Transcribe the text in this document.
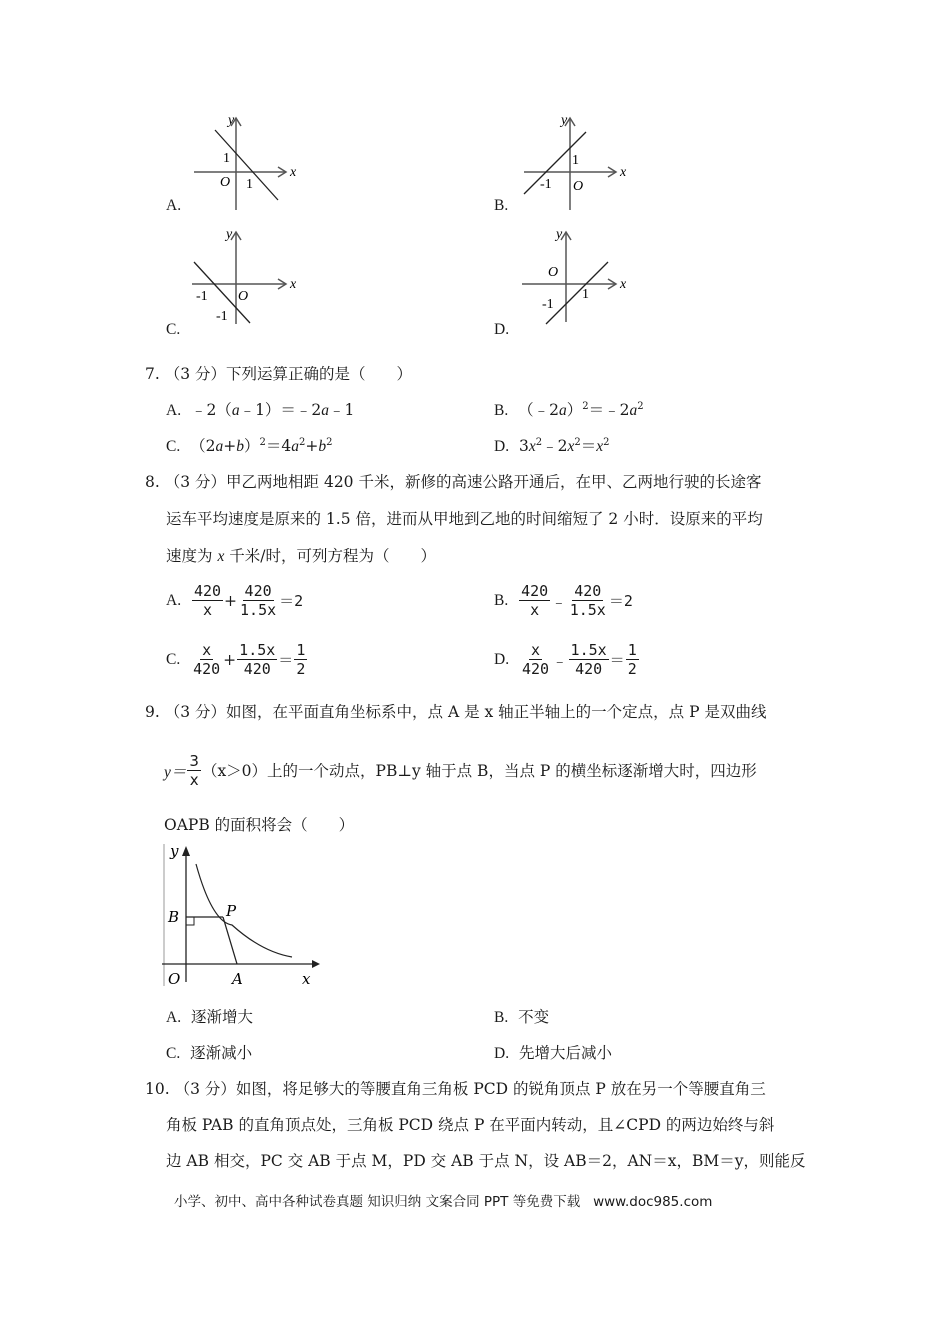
A.
y
x
1
O 1
B.
y
x
1
-1 O
C.
y
x
-1 O
-1
D.
y
x
O
-1
1
7. （3 分）下列运算正确的是（　　）
A. ﹣2（a﹣1）＝﹣2a﹣1	B. $(﹣2a)^2=﹣2a^2$
C. $(2a+b)^2=4a^2+b^2$	D. $3x^2﹣2x^2=x^2$
8. （3 分）甲乙两地相距 420 千米，新修的高速公路开通后，在甲、乙两地行驶的长途客
运车平均速度是原来的 1.5 倍，进而从甲地到乙地的时间缩短了 2 小时．设原来的平均
速度为 x 千米/时，可列方程为（　　）
A.
$\frac{420}{x} + \frac{420}{1.5x} =2$	B.
$\frac{420}{x}$ ﹣ $\frac{420}{1.5x} =2$
C.
$\frac{x}{420} + \frac{1.5x}{420} = \frac{1}{2}$	D.
$\frac{x}{420}$ ﹣ $\frac{1.5x}{420} = \frac{1}{2}$
9. （3 分）如图，在平面直角坐标系中，点 A 是 x 轴正半轴上的一个定点，点 P 是双曲线
$y= \frac{3}{x} (x>0)$上的一个动点，PB⊥y 轴于点 B，当点 P 的横坐标逐渐增大时，四边形
OAPB 的面积将会（　　）
y
x
O	A
B	P
A. 逐渐增大	B. 不变
C. 逐渐减小	D. 先增大后减小
10. （3 分）如图，将足够大的等腰直角三角板 PCD 的锐角顶点 P 放在另一个等腰直角三
角板 PAB 的直角顶点处，三角板 PCD 绕点 P 在平面内转动，且∠CPD 的两边始终与斜
边 AB 相交，PC 交 AB 于点 M，PD 交 AB 于点 N，设 AB＝2，AN＝x，BM＝y，则能反
小学、初中、高中各种试卷真题 知识归纳 文案合同 PPT 等免费下载 www.doc985.com
